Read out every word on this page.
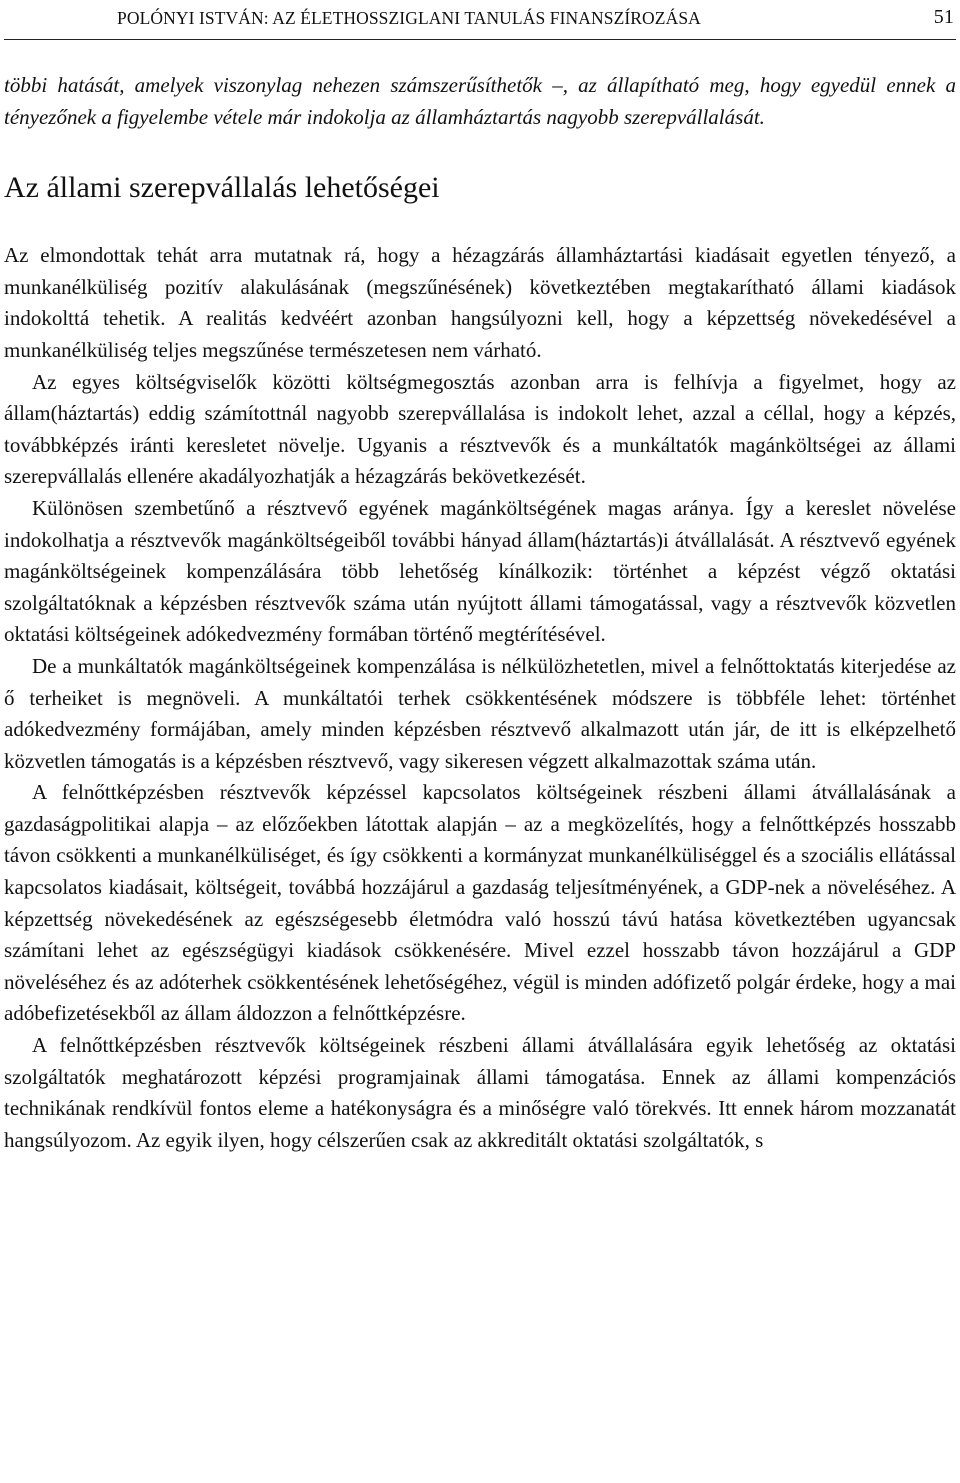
POLÓNYI ISTVÁN: AZ ÉLETHOSSZIGLANI TANULÁS FINANSZÍROZÁSA	51

többi hatását, amelyek viszonylag nehezen számszerűsíthetők –, az állapítható meg, hogy egyedül ennek a tényezőnek a figyelembe vétele már indokolja az államháztartás nagyobb szerepvállalását.

Az állami szerepvállalás lehetőségei

Az elmondottak tehát arra mutatnak rá, hogy a hézagzárás államháztartási kiadásait egyetlen tényező, a munkanélküliség pozitív alakulásának (megszűnésének) következtében megtakarítható állami kiadások indokolttá tehetik. A realitás kedvéért azonban hangsúlyozni kell, hogy a képzettség növekedésével a munkanélküliség teljes megszűnése természetesen nem várható.

Az egyes költségviselők közötti költségmegosztás azonban arra is felhívja a figyelmet, hogy az állam(háztartás) eddig számítottnál nagyobb szerepvállalása is indokolt lehet, azzal a céllal, hogy a képzés, továbbképzés iránti keresletet növelje. Ugyanis a résztvevők és a munkáltatók magánköltségei az állami szerepvállalás ellenére akadályozhatják a hézagzárás bekövetkezését.

Különösen szembetűnő a résztvevő egyének magánköltségének magas aránya. Így a kereslet növelése indokolhatja a résztvevők magánköltségeiből további hányad állam(háztartás)i átvállalását. A résztvevő egyének magánköltségeinek kompenzálására több lehetőség kínálkozik: történhet a képzést végző oktatási szolgáltatóknak a képzésben résztvevők száma után nyújtott állami támogatással, vagy a résztvevők közvetlen oktatási költségeinek adókedvezmény formában történő megtérítésével.

De a munkáltatók magánköltségeinek kompenzálása is nélkülözhetetlen, mivel a felnőttoktatás kiterjedése az ő terheiket is megnöveli. A munkáltatói terhek csökkentésének módszere is többféle lehet: történhet adókedvezmény formájában, amely minden képzésben résztvevő alkalmazott után jár, de itt is elképzelhető közvetlen támogatás is a képzésben résztvevő, vagy sikeresen végzett alkalmazottak száma után.

A felnőttképzésben résztvevők képzéssel kapcsolatos költségeinek részbeni állami átvállalásának a gazdaságpolitikai alapja – az előzőekben látottak alapján – az a megközelítés, hogy a felnőttképzés hosszabb távon csökkenti a munkanélküliséget, és így csökkenti a kormányzat munkanélküliséggel és a szociális ellátással kapcsolatos kiadásait, költségeit, továbbá hozzájárul a gazdaság teljesítményének, a GDP-nek a növeléséhez. A képzettség növekedésének az egészségesebb életmódra való hosszú távú hatása következtében ugyancsak számítani lehet az egészségügyi kiadások csökkenésére. Mivel ezzel hosszabb távon hozzájárul a GDP növeléséhez és az adóterhek csökkentésének lehetőségéhez, végül is minden adófizető polgár érdeke, hogy a mai adóbefizetésekből az állam áldozzon a felnőttképzésre.

A felnőttképzésben résztvevők költségeinek részbeni állami átvállalására egyik lehetőség az oktatási szolgáltatók meghatározott képzési programjainak állami támogatása. Ennek az állami kompenzációs technikának rendkívül fontos eleme a hatékonyságra és a minőségre való törekvés. Itt ennek három mozzanatát hangsúlyozom. Az egyik ilyen, hogy célszerűen csak az akkreditált oktatási szolgáltatók, s
